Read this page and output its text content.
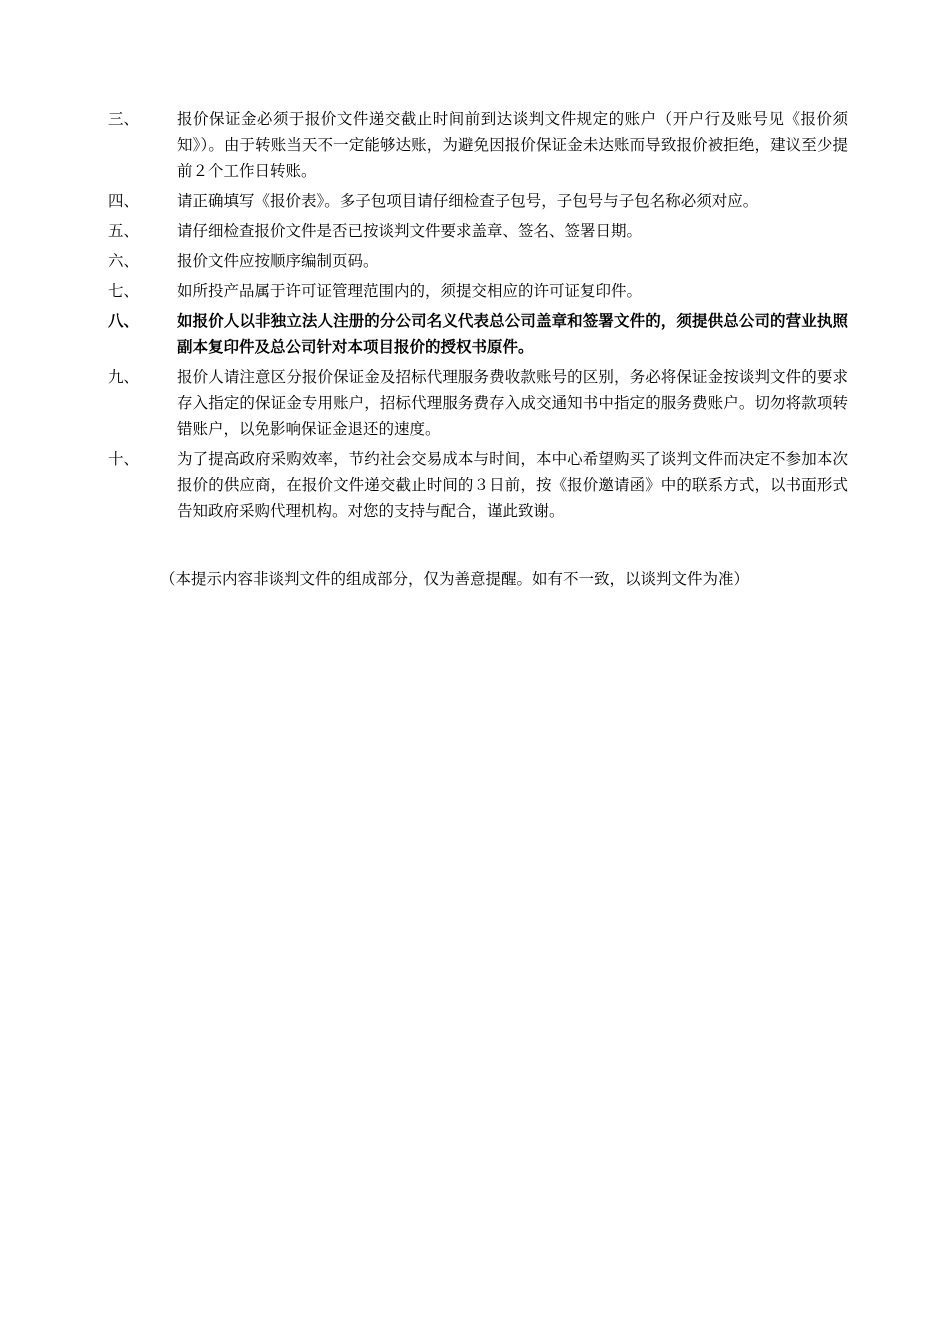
三、	报价保证金必须于报价文件递交截止时间前到达谈判文件规定的账户（开户行及账号见《报价须知》）。由于转账当天不一定能够达账，为避免因报价保证金未达账而导致报价被拒绝，建议至少提前２个工作日转账。
四、	请正确填写《报价表》。多子包项目请仔细检查子包号，子包号与子包名称必须对应。
五、	请仔细检查报价文件是否已按谈判文件要求盖章、签名、签署日期。
六、	报价文件应按顺序编制页码。
七、	如所投产品属于许可证管理范围内的，须提交相应的许可证复印件。
八、	如报价人以非独立法人注册的分公司名义代表总公司盖章和签署文件的，须提供总公司的营业执照副本复印件及总公司针对本项目报价的授权书原件。
九、	报价人请注意区分报价保证金及招标代理服务费收款账号的区别，务必将保证金按谈判文件的要求存入指定的保证金专用账户，招标代理服务费存入成交通知书中指定的服务费账户。切勿将款项转错账户，以免影响保证金退还的速度。
十、	为了提高政府采购效率，节约社会交易成本与时间，本中心希望购买了谈判文件而决定不参加本次报价的供应商，在报价文件递交截止时间的３日前，按《报价邀请函》中的联系方式，以书面形式告知政府采购代理机构。对您的支持与配合，谨此致谢。
（本提示内容非谈判文件的组成部分，仅为善意提醒。如有不一致，以谈判文件为准）
